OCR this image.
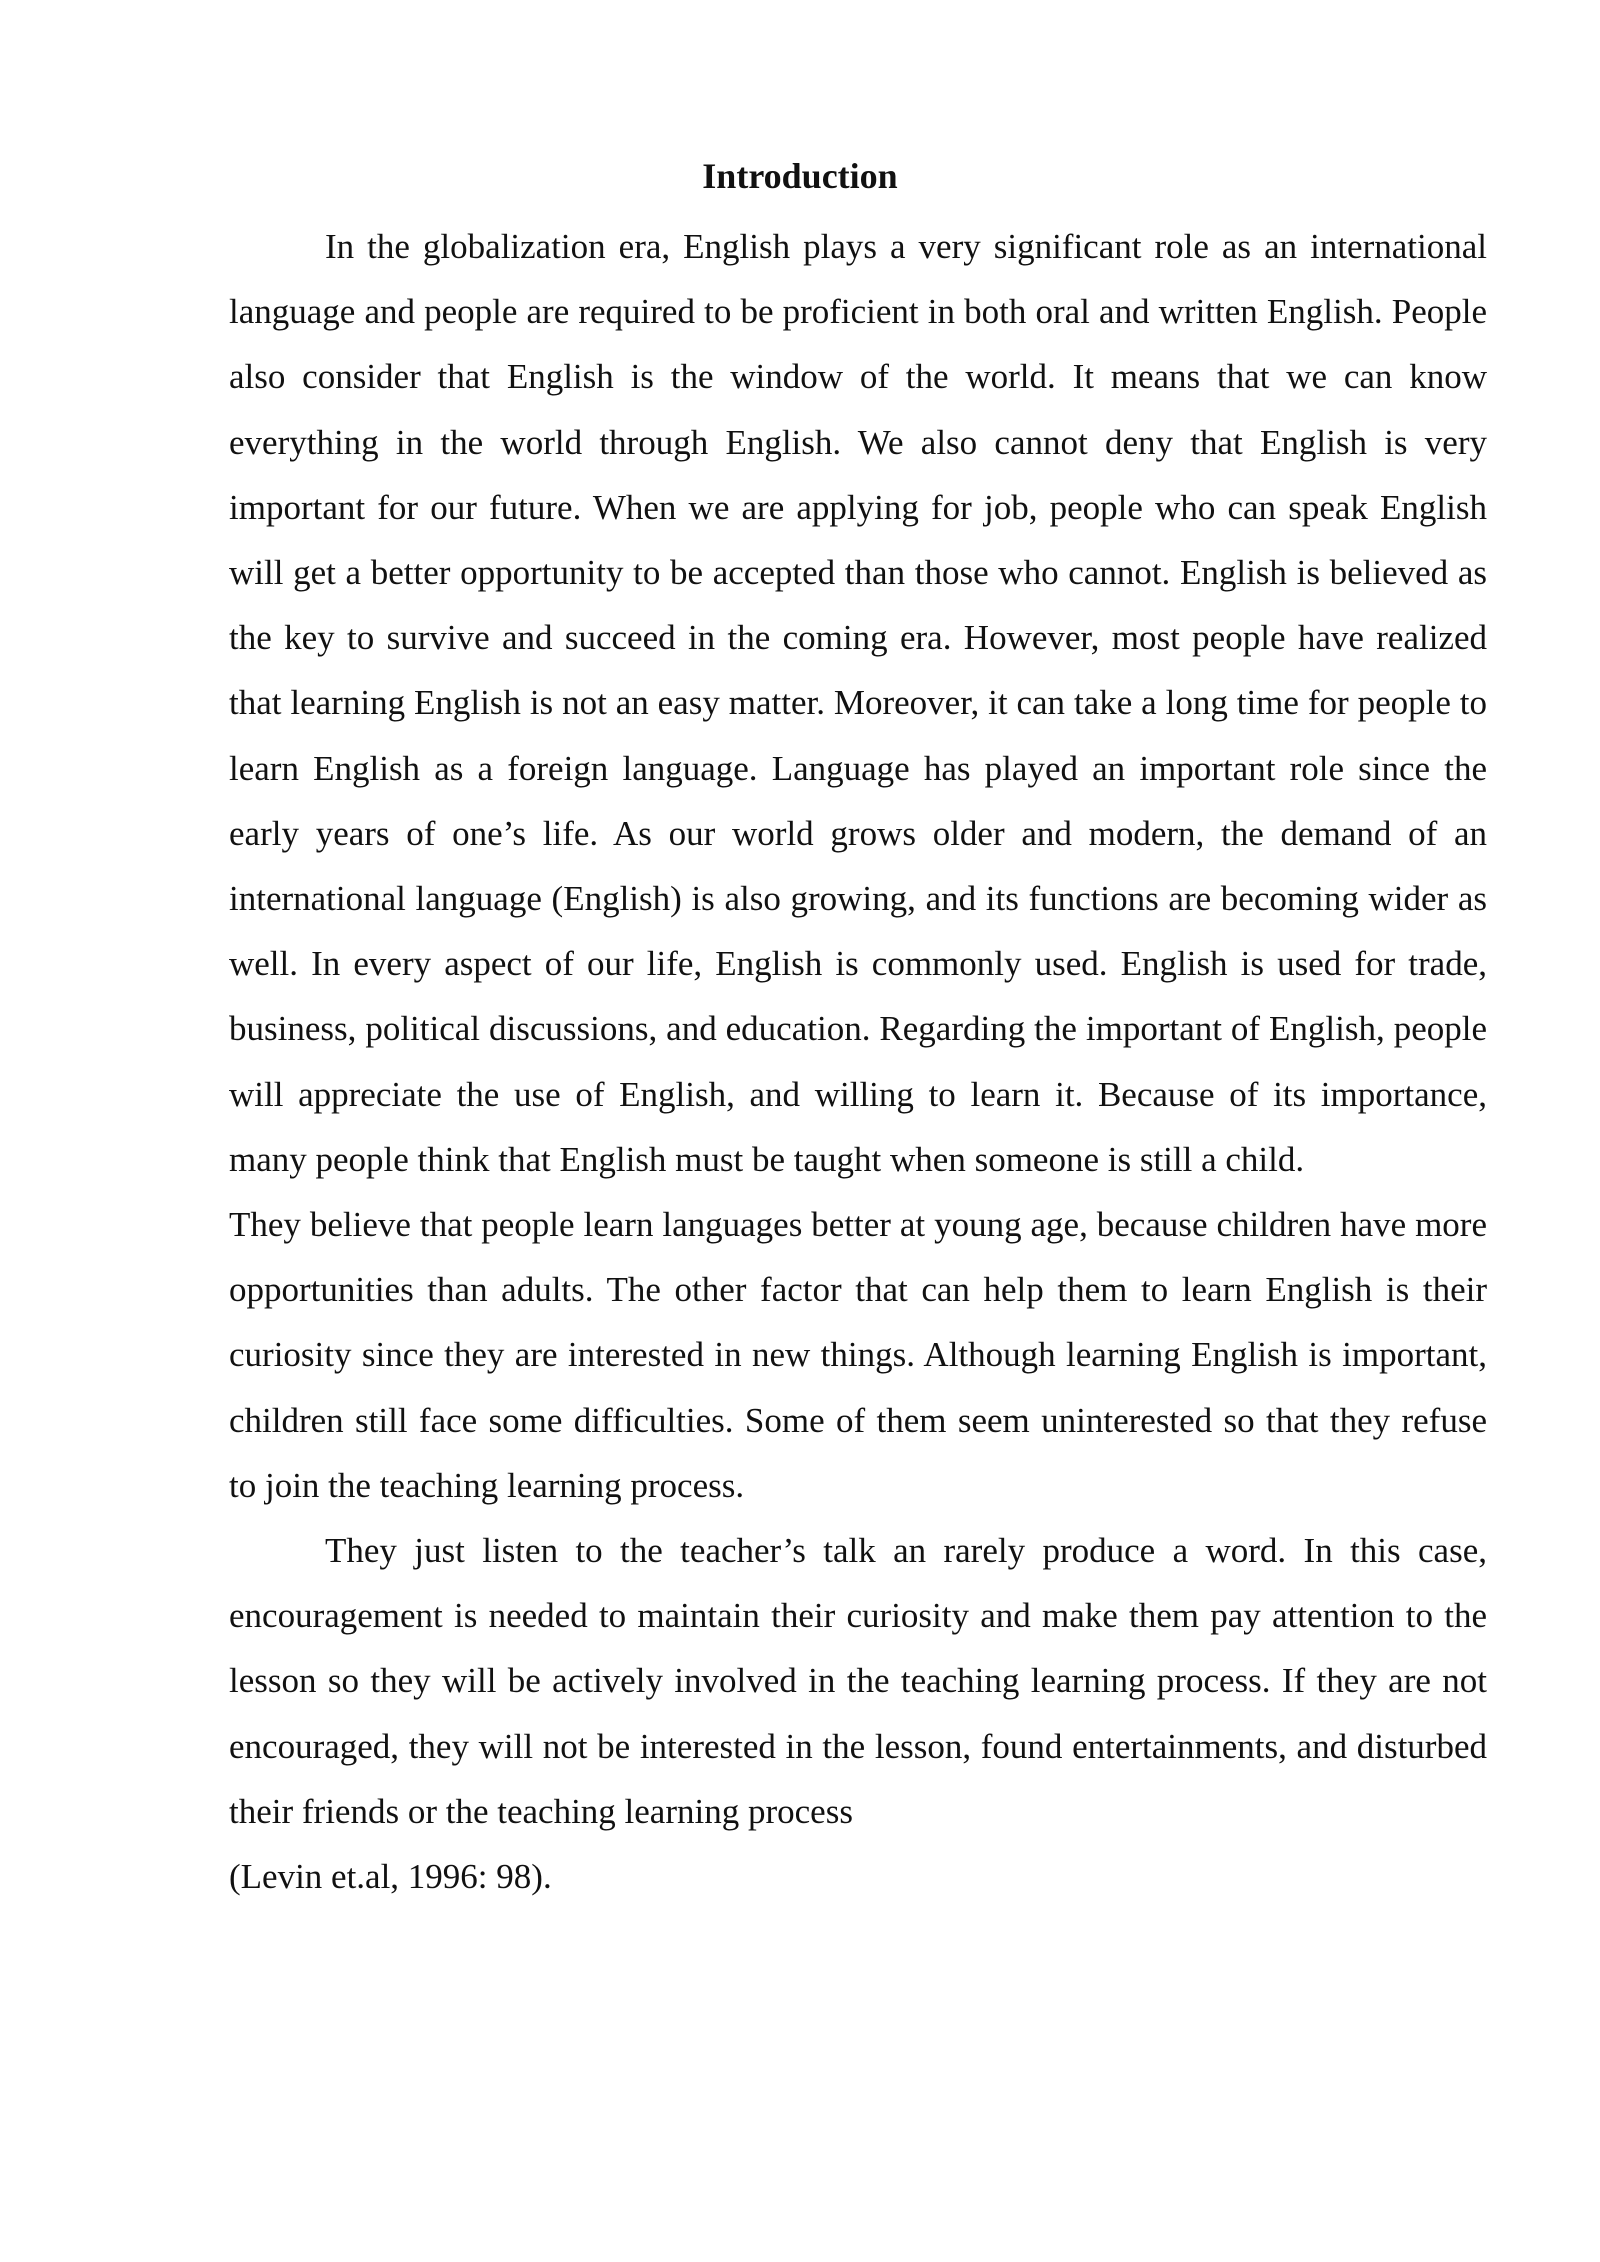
Introduction

In the globalization era, English plays a very significant role as an international language and people are required to be proficient in both oral and written English. People also consider that English is the window of the world. It means that we can know everything in the world through English. We also cannot deny that English is very important for our future. When we are applying for job, people who can speak English will get a better opportunity to be accepted than those who cannot. English is believed as the key to survive and succeed in the coming era. However, most people have realized that learning English is not an easy matter. Moreover, it can take a long time for people to learn English as a foreign language. Language has played an important role since the early years of one’s life. As our world grows older and modern, the demand of an international language (English) is also growing, and its functions are becoming wider as well. In every aspect of our life, English is commonly used. English is used for trade, business, political discussions, and education. Regarding the important of English, people will appreciate the use of English, and willing to learn it. Because of its importance, many people think that English must be taught when someone is still a child.

They believe that people learn languages better at young age, because children have more opportunities than adults. The other factor that can help them to learn English is their curiosity since they are interested in new things. Although learning English is important, children still face some difficulties. Some of them seem uninterested so that they refuse to join the teaching learning process.

They just listen to the teacher’s talk an rarely produce a word. In this case, encouragement is needed to maintain their curiosity and make them pay attention to the lesson so they will be actively involved in the teaching learning process. If they are not encouraged, they will not be interested in the lesson, found entertainments, and disturbed their friends or the teaching learning process

(Levin et.al, 1996: 98).
